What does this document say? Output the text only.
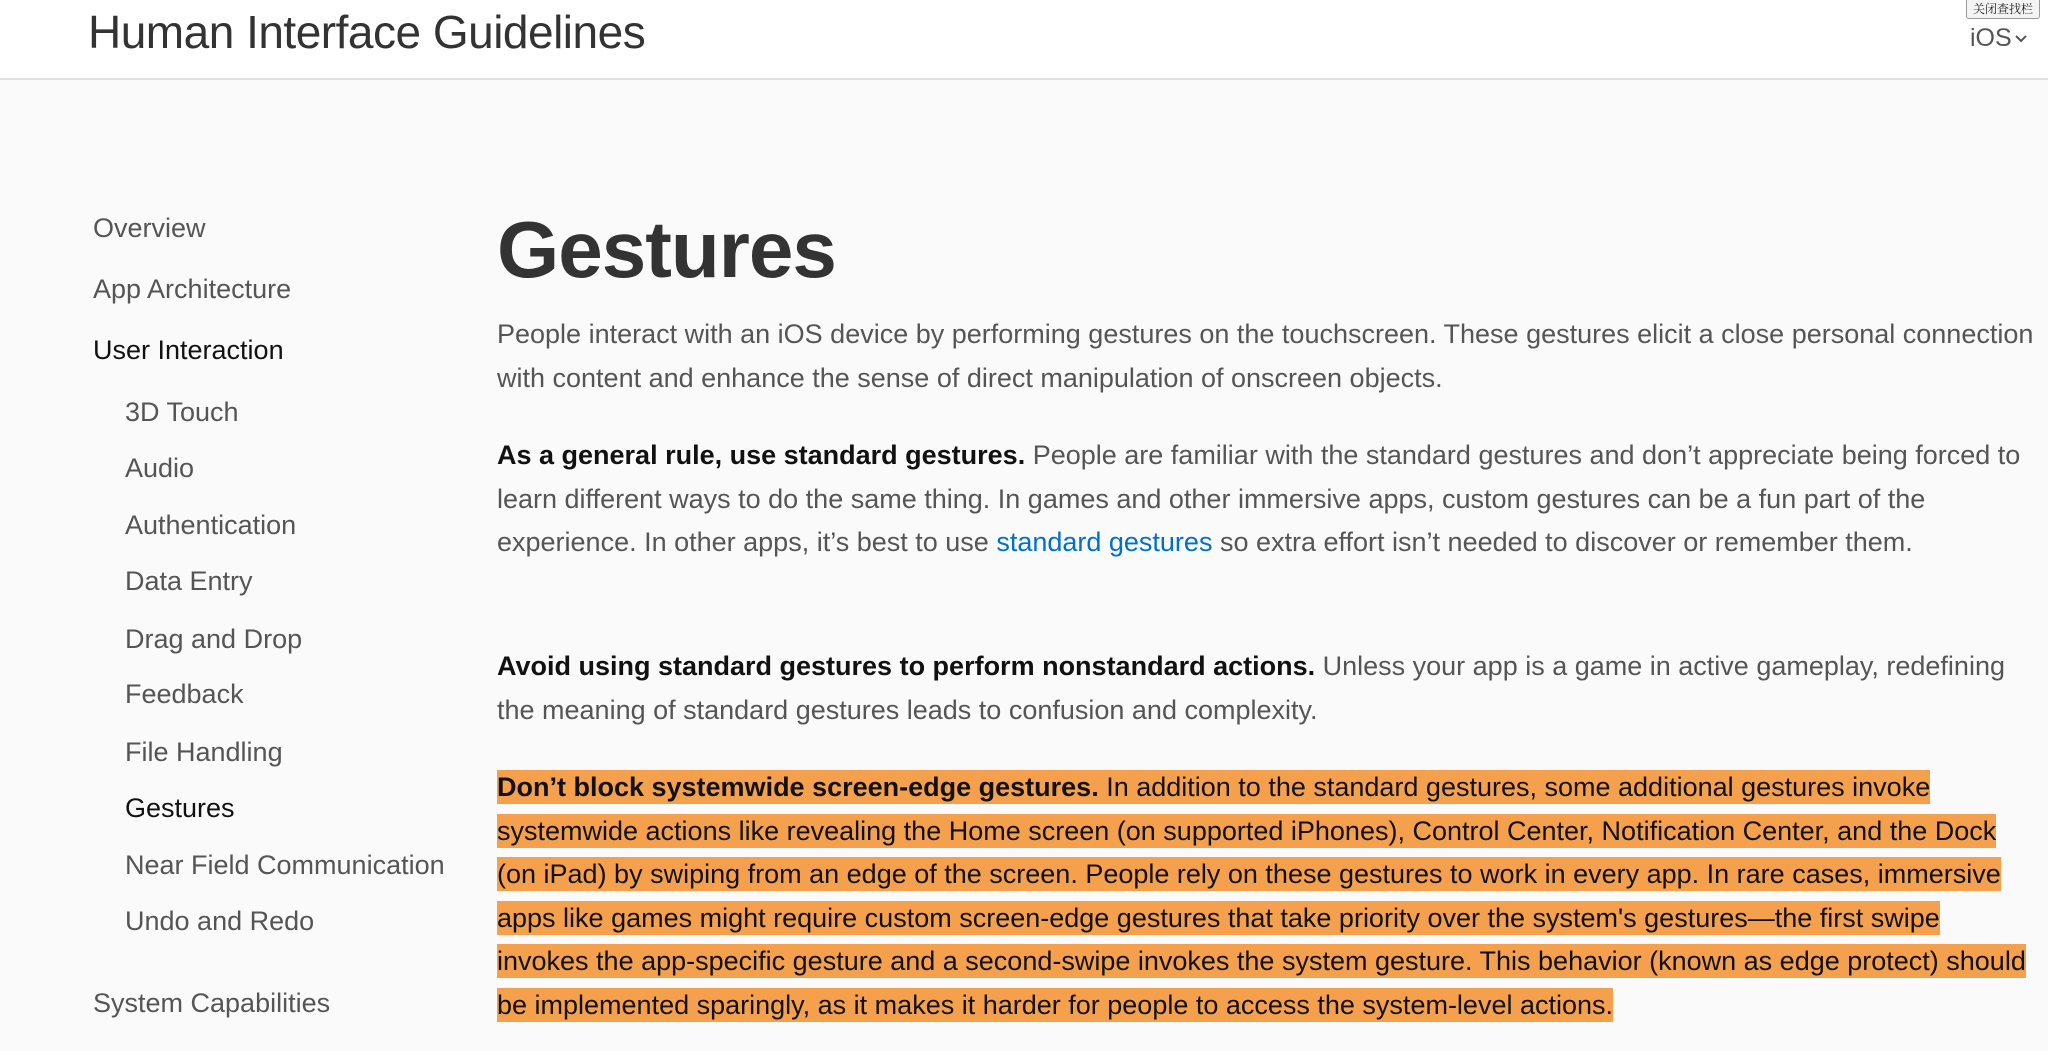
Human Interface Guidelines	iOS
关闭查找栏
Overview
App Architecture
User Interaction
3D Touch
Audio
Authentication
Data Entry
Drag and Drop
Feedback
File Handling
Gestures
Near Field Communication
Undo and Redo
System Capabilities
Gestures

People interact with an iOS device by performing gestures on the touchscreen. These gestures elicit a close personal connection with content and enhance the sense of direct manipulation of onscreen objects.

As a general rule, use standard gestures. People are familiar with the standard gestures and don’t appreciate being forced to learn different ways to do the same thing. In games and other immersive apps, custom gestures can be a fun part of the experience. In other apps, it’s best to use standard gestures so extra effort isn’t needed to discover or remember them.

Avoid using standard gestures to perform nonstandard actions. Unless your app is a game in active gameplay, redefining the meaning of standard gestures leads to confusion and complexity.

Don’t block systemwide screen-edge gestures. In addition to the standard gestures, some additional gestures invoke systemwide actions like revealing the Home screen (on supported iPhones), Control Center, Notification Center, and the Dock (on iPad) by swiping from an edge of the screen. People rely on these gestures to work in every app. In rare cases, immersive apps like games might require custom screen-edge gestures that take priority over the system's gestures—the first swipe invokes the app-specific gesture and a second-swipe invokes the system gesture. This behavior (known as edge protect) should be implemented sparingly, as it makes it harder for people to access the system-level actions.
